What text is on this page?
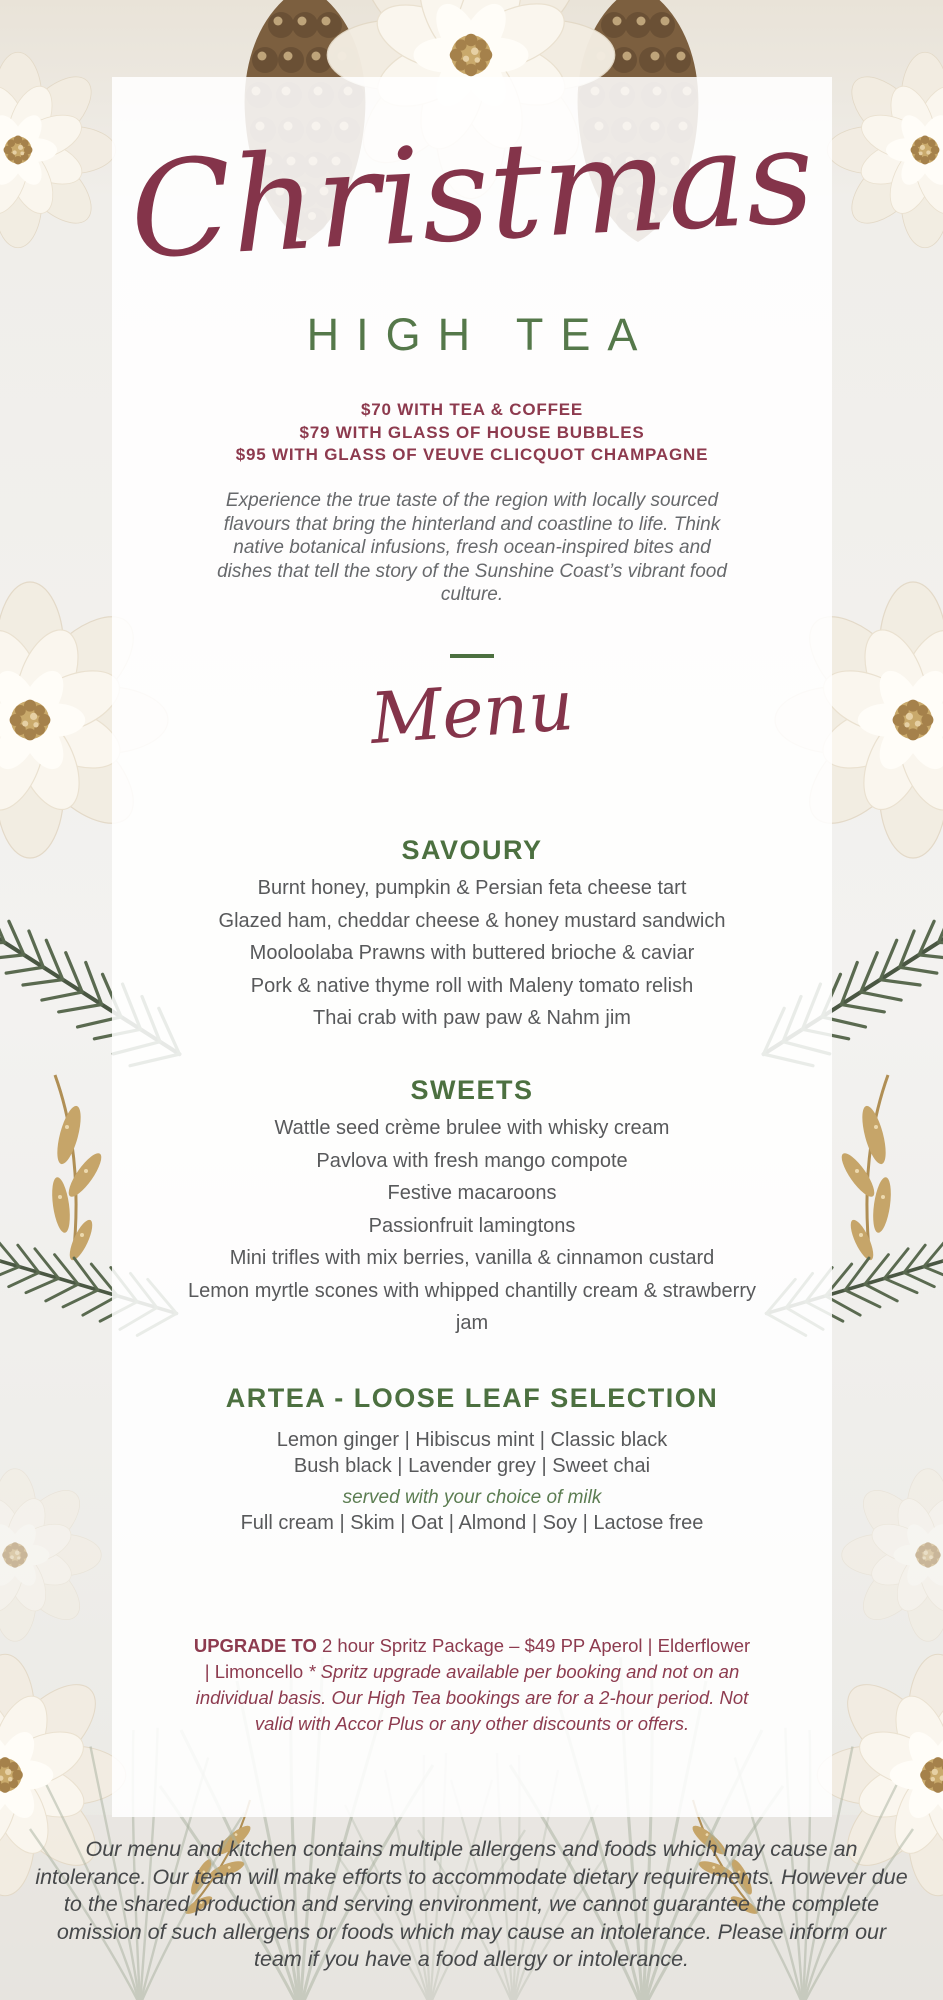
Christmas
HIGH TEA
$70 WITH TEA & COFFEE
$79 WITH GLASS OF HOUSE BUBBLES
$95 WITH GLASS OF VEUVE CLICQUOT CHAMPAGNE
Experience the true taste of the region with locally sourced flavours that bring the hinterland and coastline to life. Think native botanical infusions, fresh ocean-inspired bites and dishes that tell the story of the Sunshine Coast’s vibrant food culture.
Menu
SAVOURY
Burnt honey, pumpkin & Persian feta cheese tart
Glazed ham, cheddar cheese & honey mustard sandwich
Mooloolaba Prawns with buttered brioche & caviar
Pork & native thyme roll with Maleny tomato relish
Thai crab with paw paw & Nahm jim
SWEETS
Wattle seed crème brulee with whisky cream
Pavlova with fresh mango compote
Festive macaroons
Passionfruit lamingtons
Mini trifles with mix berries, vanilla & cinnamon custard
Lemon myrtle scones with whipped chantilly cream & strawberry jam
ARTEA - LOOSE LEAF SELECTION
Lemon ginger | Hibiscus mint | Classic black
Bush black | Lavender grey | Sweet chai
served with your choice of milk
Full cream | Skim | Oat | Almond | Soy | Lactose free
UPGRADE TO 2 hour Spritz Package – $49 PP Aperol | Elderflower | Limoncello * Spritz upgrade available per booking and not on an individual basis. Our High Tea bookings are for a 2-hour period. Not valid with Accor Plus or any other discounts or offers.
Our menu and kitchen contains multiple allergens and foods which may cause an intolerance. Our team will make efforts to accommodate dietary requirements. However due to the shared production and serving environment, we cannot guarantee the complete omission of such allergens or foods which may cause an intolerance. Please inform our team if you have a food allergy or intolerance.
